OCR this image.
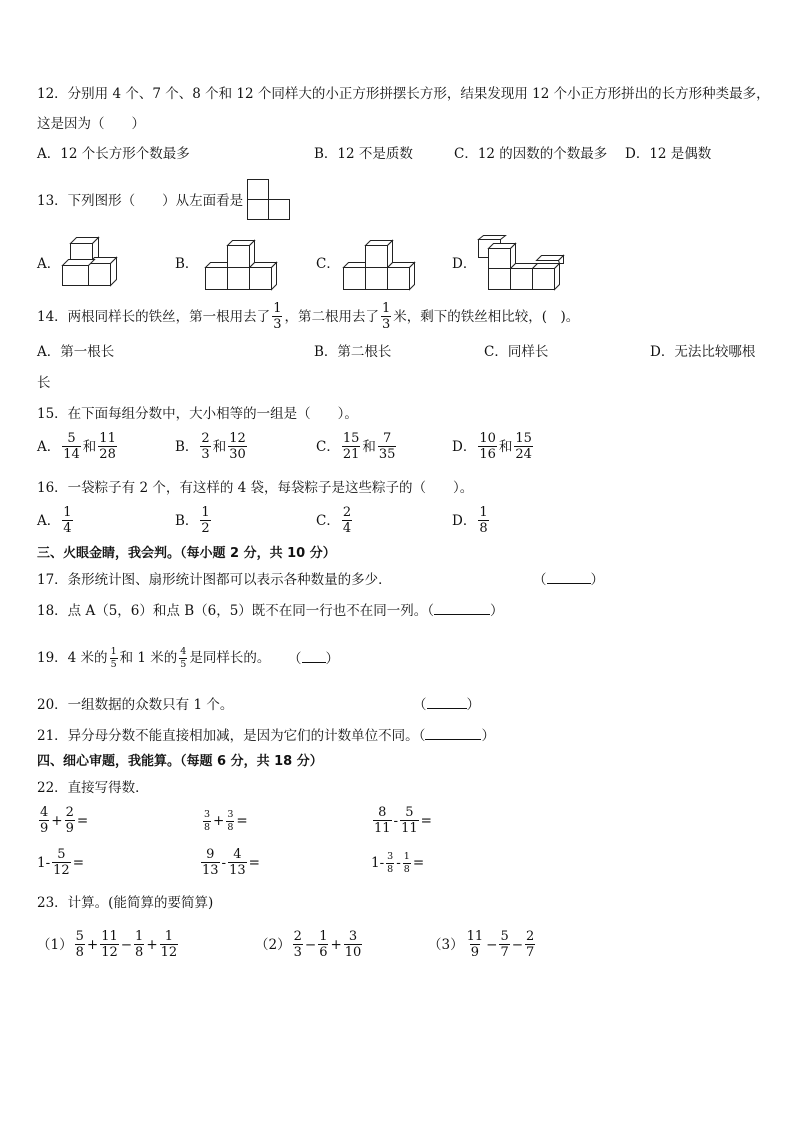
12．分别用 4 个、7 个、8 个和 12 个同样大的小正方形拼摆长方形，结果发现用 12 个小正方形拼出的长方形种类最多，
这是因为（　　）
A．12 个长方形个数最多	B．12 不是质数	C．12 的因数的个数最多 D．12 是偶数
13．下列图形（　　）从左面看是
A．	B．	C．	D．
14．两根同样长的铁丝，第一根用去了 $\frac{1}{3}$ ，第二根用去了 $\frac{1}{3}$ 米，剩下的铁丝相比较，(　)。
A．第一根长	B．第二根长	C．同样长	D．无法比较哪根
长
15．在下面每组分数中，大小相等的一组是（　　）。
A． $\frac{5}{14}$ 和 $\frac{11}{28}$	B． $\frac{2}{3}$ 和 $\frac{12}{30}$	C． $\frac{15}{21}$ 和 $\frac{7}{35}$	D． $\frac{10}{16}$ 和 $\frac{15}{24}$
16．一袋粽子有 2 个，有这样的 4 袋，每袋粽子是这些粽子的（　　）。
A． $\frac{1}{4}$	B． $\frac{1}{2}$	C． $\frac{2}{4}$	D． $\frac{1}{8}$
三、火眼金睛，我会判。（每小题 2 分，共 10 分）
17．条形统计图、扇形统计图都可以表示各种数量的多少．	（	）
18．点 A（5，6）和点 B（6，5）既不在同一行也不在同一列。（	）
19．4 米的 $\frac{1}{5}$ 和 1 米的 $\frac{4}{5}$ 是同样长的。 （ ）
20．一组数据的众数只有 1 个。	（	）
21．异分母分数不能直接相加减，是因为它们的计数单位不同。（	）
四、细心审题，我能算。（每题 6 分，共 18 分）
22．直接写得数．
$\frac{4}{9} + \frac{2}{9}$ =	$\frac{3}{8} + \frac{3}{8}$ =	$\frac{8}{11} - \frac{5}{11}$ =
$1- \frac{5}{12}$ =	$\frac{9}{13} - \frac{4}{13}$ =	$1- \frac{3}{8} - \frac{1}{8}$ =
23．计算。(能简算的要简算)
$(1) \frac{5}{8} + \frac{11}{12} - \frac{1}{8} + \frac{1}{12}$	$(2) \frac{2}{3} - \frac{1}{6} + \frac{3}{10}$	$(3) \frac{11}{9} - \frac{5}{7} - \frac{2}{7}$
